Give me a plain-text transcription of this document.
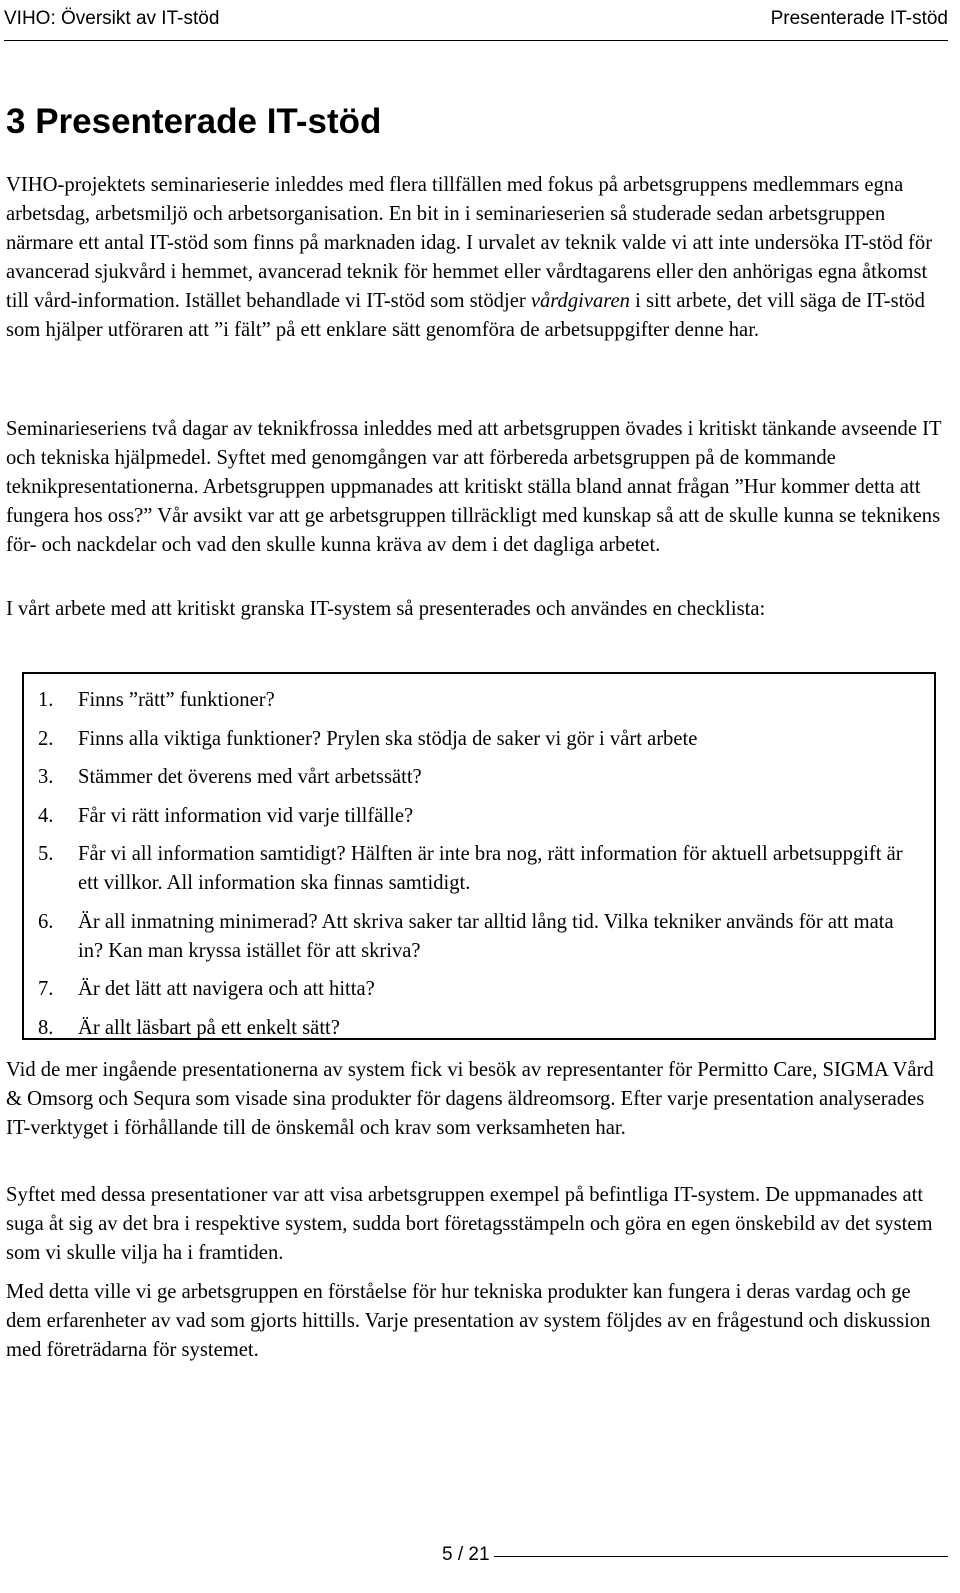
VIHO: Översikt av IT-stöd	Presenterade IT-stöd
3 Presenterade IT-stöd

VIHO-projektets seminarieserie inleddes med flera tillfällen med fokus på arbetsgruppens medlemmars egna arbetsdag, arbetsmiljö och arbetsorganisation. En bit in i seminarieserien så studerade sedan arbetsgruppen närmare ett antal IT-stöd som finns på marknaden idag. I urvalet av teknik valde vi att inte undersöka IT-stöd för avancerad sjukvård i hemmet, avancerad teknik för hemmet eller vårdtagarens eller den anhörigas egna åtkomst till vård-information. Istället behandlade vi IT-stöd som stödjer vårdgivaren i sitt arbete, det vill säga de IT-stöd som hjälper utföraren att ”i fält” på ett enklare sätt genomföra de arbetsuppgifter denne har.

Seminarieseriens två dagar av teknikfrossa inleddes med att arbetsgruppen övades i kritiskt tänkande avseende IT och tekniska hjälpmedel. Syftet med genomgången var att förbereda arbetsgruppen på de kommande teknikpresentationerna. Arbetsgruppen uppmanades att kritiskt ställa bland annat frågan ”Hur kommer detta att fungera hos oss?” Vår avsikt var att ge arbetsgruppen tillräckligt med kunskap så att de skulle kunna se teknikens för- och nackdelar och vad den skulle kunna kräva av dem i det dagliga arbetet.

I vårt arbete med att kritiskt granska IT-system så presenterades och användes en checklista:

1.	Finns ”rätt” funktioner?
2.	Finns alla viktiga funktioner? Prylen ska stödja de saker vi gör i vårt arbete
3.	Stämmer det överens med vårt arbetssätt?
4.	Får vi rätt information vid varje tillfälle?
5.	Får vi all information samtidigt? Hälften är inte bra nog, rätt information för aktuell arbetsuppgift är ett villkor. All information ska finnas samtidigt.
6.	Är all inmatning minimerad? Att skriva saker tar alltid lång tid. Vilka tekniker används för att mata in? Kan man kryssa istället för att skriva?
7.	Är det lätt att navigera och att hitta?
8.	Är allt läsbart på ett enkelt sätt?

Vid de mer ingående presentationerna av system fick vi besök av representanter för Permitto Care, SIGMA Vård & Omsorg och Sequra som visade sina produkter för dagens äldreomsorg. Efter varje presentation analyserades IT-verktyget i förhållande till de önskemål och krav som verksamheten har.

Syftet med dessa presentationer var att visa arbetsgruppen exempel på befintliga IT-system. De uppmanades att suga åt sig av det bra i respektive system, sudda bort företagsstämpeln och göra en egen önskebild av det system som vi skulle vilja ha i framtiden.

Med detta ville vi ge arbetsgruppen en förståelse för hur tekniska produkter kan fungera i deras vardag och ge dem erfarenheter av vad som gjorts hittills. Varje presentation av system följdes av en frågestund och diskussion med företrädarna för systemet.

5 / 21
